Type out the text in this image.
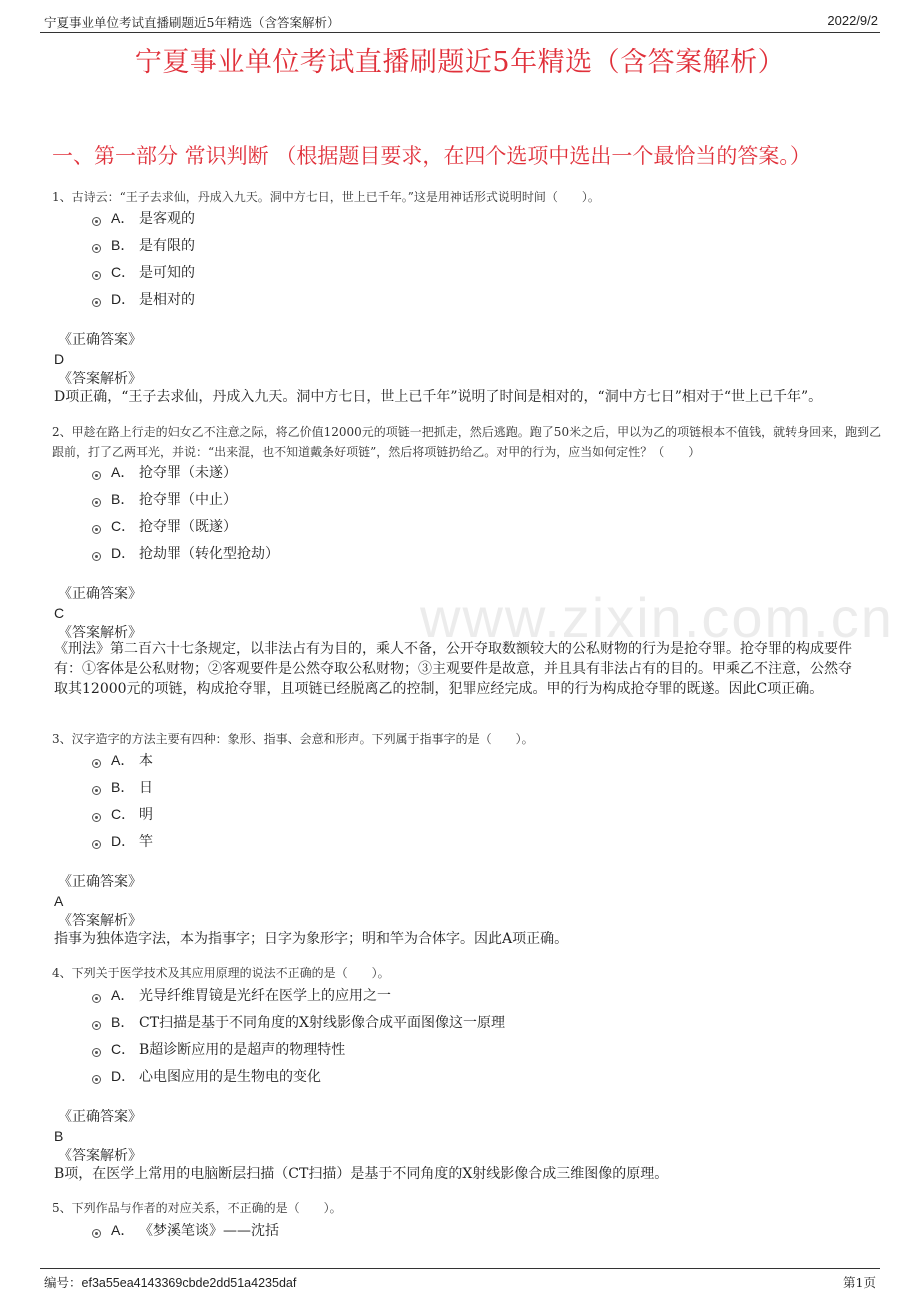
宁夏事业单位考试直播刷题近5年精选（含答案解析）	2022/9/2
宁夏事业单位考试直播刷题近5年精选（含答案解析）
一、第一部分 常识判断 （根据题目要求，在四个选项中选出一个最恰当的答案。）
www.zixin.com.cn
1、古诗云：“王子去求仙，丹成入九天。洞中方七日，世上已千年。”这是用神话形式说明时间（　　）。
A． 是客观的
B． 是有限的
C． 是可知的
D． 是相对的
《正确答案》
D
《答案解析》
D项正确，“王子去求仙，丹成入九天。洞中方七日，世上已千年”说明了时间是相对的，“洞中方七日”相对于“世上已千年”。
2、甲趁在路上行走的妇女乙不注意之际，将乙价值12000元的项链一把抓走，然后逃跑。跑了50米之后，甲以为乙的项链根本不值钱，就转身回来，跑到乙跟前，打了乙两耳光，并说：“出来混，也不知道戴条好项链”，然后将项链扔给乙。对甲的行为，应当如何定性？（　　）
A． 抢夺罪（未遂）
B． 抢夺罪（中止）
C． 抢夺罪（既遂）
D． 抢劫罪（转化型抢劫）
《正确答案》
C
《答案解析》
《刑法》第二百六十七条规定，以非法占有为目的，乘人不备，公开夺取数额较大的公私财物的行为是抢夺罪。抢夺罪的构成要件有：①客体是公私财物；②客观要件是公然夺取公私财物；③主观要件是故意，并且具有非法占有的目的。甲乘乙不注意，公然夺取其12000元的项链，构成抢夺罪，且项链已经脱离乙的控制，犯罪应经完成。甲的行为构成抢夺罪的既遂。因此C项正确。
3、汉字造字的方法主要有四种：象形、指事、会意和形声。下列属于指事字的是（　　）。
A． 本
B． 日
C． 明
D． 竿
《正确答案》
A
《答案解析》
指事为独体造字法，本为指事字；日字为象形字；明和竿为合体字。因此A项正确。
4、下列关于医学技术及其应用原理的说法不正确的是（　　）。
A． 光导纤维胃镜是光纤在医学上的应用之一
B． CT扫描是基于不同角度的X射线影像合成平面图像这一原理
C． B超诊断应用的是超声的物理特性
D． 心电图应用的是生物电的变化
《正确答案》
B
《答案解析》
B项，在医学上常用的电脑断层扫描（CT扫描）是基于不同角度的X射线影像合成三维图像的原理。
5、下列作品与作者的对应关系，不正确的是（　　）。
A． 《梦溪笔谈》——沈括
编号：ef3a55ea4143369cbde2dd51a4235daf	第1页
